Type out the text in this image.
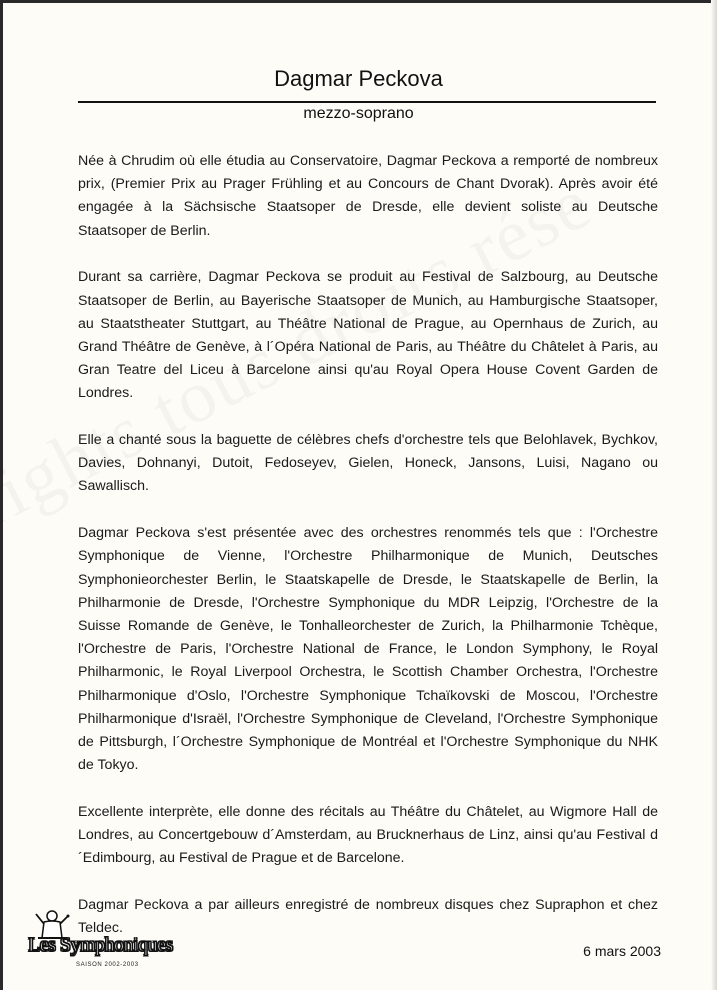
Dagmar Peckova
mezzo-soprano

Née à Chrudim où elle étudia au Conservatoire, Dagmar Peckova a remporté de nombreux prix, (Premier Prix au Prager Frühling et au Concours de Chant Dvorak). Après avoir été engagée à la Sächsische Staatsoper de Dresde, elle devient soliste au Deutsche Staatsoper de Berlin.

Durant sa carrière, Dagmar Peckova se produit au Festival de Salzbourg, au Deutsche Staatsoper de Berlin, au Bayerische Staatsoper de Munich, au Hamburgische Staatsoper, au Staatstheater Stuttgart, au Théâtre National de Prague, au Opernhaus de Zurich, au Grand Théâtre de Genève, à l´Opéra National de Paris, au Théâtre du Châtelet à Paris, au Gran Teatre del Liceu à Barcelone ainsi qu'au Royal Opera House Covent Garden de Londres.

Elle a chanté sous la baguette de célèbres chefs d'orchestre tels que Belohlavek, Bychkov, Davies, Dohnanyi, Dutoit, Fedoseyev, Gielen, Honeck, Jansons, Luisi, Nagano ou Sawallisch.

Dagmar Peckova s'est présentée avec des orchestres renommés tels que : l'Orchestre Symphonique de Vienne, l'Orchestre Philharmonique de Munich, Deutsches Symphonieorchester Berlin, le Staatskapelle de Dresde, le Staatskapelle de Berlin, la Philharmonie de Dresde, l'Orchestre Symphonique du MDR Leipzig, l'Orchestre de la Suisse Romande de Genève, le Tonhalleorchester de Zurich, la Philharmonie Tchèque, l'Orchestre de Paris, l'Orchestre National de France, le London Symphony, le Royal Philharmonic, le Royal Liverpool Orchestra, le Scottish Chamber Orchestra, l'Orchestre Philharmonique d'Oslo, l'Orchestre Symphonique Tchaïkovski de Moscou, l'Orchestre Philharmonique d'Israël, l'Orchestre Symphonique de Cleveland, l'Orchestre Symphonique de Pittsburgh, l´Orchestre Symphonique de Montréal et l'Orchestre Symphonique du NHK de Tokyo.

Excellente interprète, elle donne des récitals au Théâtre du Châtelet, au Wigmore Hall de Londres, au Concertgebouw d´Amsterdam, au Brucknerhaus de Linz, ainsi qu'au Festival d´Edimbourg, au Festival de Prague et de Barcelone.

Dagmar Peckova a par ailleurs enregistré de nombreux disques chez Supraphon et chez Teldec.

Les Symphoniques
SAISON 2002-2003
6 mars 2003
